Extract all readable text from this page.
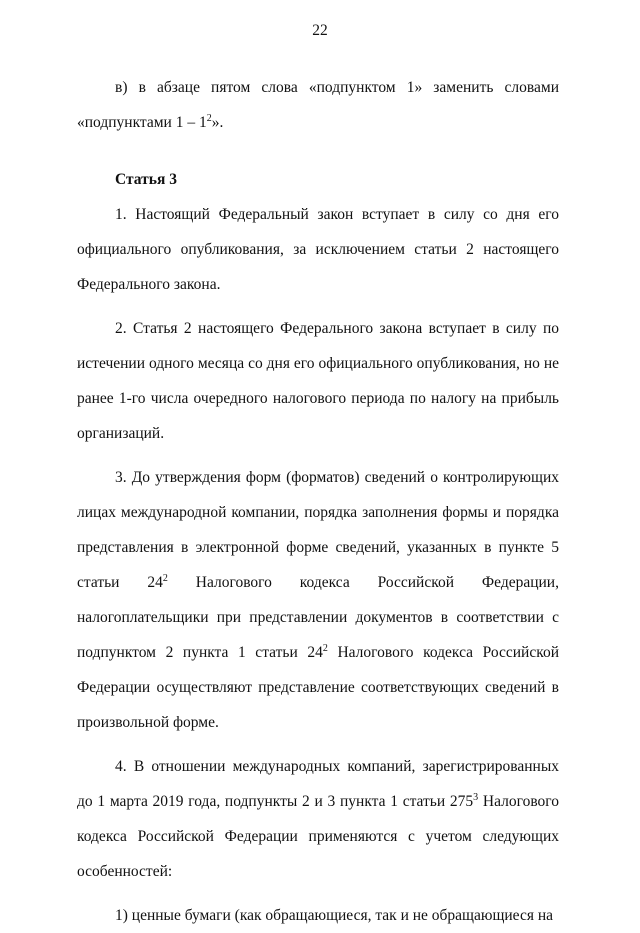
22

в) в абзаце пятом слова «подпунктом 1» заменить словами «подпунктами $1 - 1^2$».

Статья 3

1. Настоящий Федеральный закон вступает в силу со дня его официального опубликования, за исключением статьи 2 настоящего Федерального закона.

2. Статья 2 настоящего Федерального закона вступает в силу по истечении одного месяца со дня его официального опубликования, но не ранее 1-го числа очередного налогового периода по налогу на прибыль организаций.

3. До утверждения форм (форматов) сведений о контролирующих лицах международной компании, порядка заполнения формы и порядка представления в электронной форме сведений, указанных в пункте 5 статьи $24^2$ Налогового кодекса Российской Федерации, налогоплательщики при представлении документов в соответствии с подпунктом 2 пункта 1 статьи $24^2$ Налогового кодекса Российской Федерации осуществляют представление соответствующих сведений в произвольной форме.

4. В отношении международных компаний, зарегистрированных до 1 марта 2019 года, подпункты 2 и 3 пункта 1 статьи $275^3$ Налогового кодекса Российской Федерации применяются с учетом следующих особенностей:

1) ценные бумаги (как обращающиеся, так и не обращающиеся на
